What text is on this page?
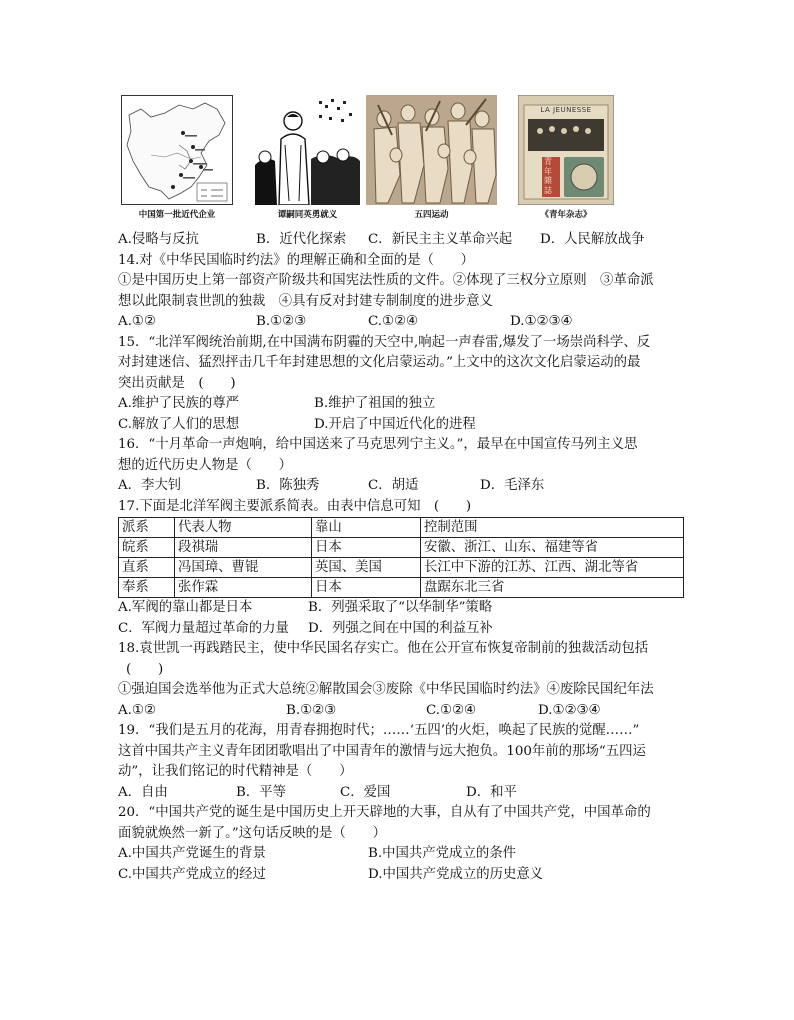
中国第一批近代企业	谭嗣同英勇就义	五四运动
LA JEUNESSE
青年雜誌
《青年杂志》
A.侵略与反抗	B．近代化探索	C．新民主主义革命兴起	D．人民解放战争
14.对《中华民国临时约法》的理解正确和全面的是（　　）
①是中国历史上第一部资产阶级共和国宪法性质的文件。②体现了三权分立原则　③革命派
想以此限制袁世凯的独裁　④具有反对封建专制制度的进步意义
A.①②	B.①②③	C.①②④	D.①②③④
15．“北洋军阀统治前期,在中国满布阴霾的天空中,响起一声春雷,爆发了一场崇尚科学、反
对封建迷信、猛烈抨击几千年封建思想的文化启蒙运动。”上文中的这次文化启蒙运动的最
突出贡献是　(　　)
A.维护了民族的尊严	B.维护了祖国的独立
C.解放了人们的思想	D.开启了中国近代化的进程
16．“十月革命一声炮响，给中国送来了马克思列宁主义。”，最早在中国宣传马列主义思
想的近代历史人物是（　　）
A．李大钊	B．陈独秀	C．胡适	D．毛泽东
17.下面是北洋军阀主要派系简表。由表中信息可知　(　　)
派系	代表人物	靠山	控制范围
皖系	段祺瑞	日本	安徽、浙江、山东、福建等省
直系	冯国璋、曹锟	英国、美国	长江中下游的江苏、江西、湖北等省
奉系	张作霖	日本	盘踞东北三省
A.军阀的靠山都是日本	B．列强采取了“以华制华”策略
C．军阀力量超过革命的力量	D．列强之间在中国的利益互补
18.袁世凯一再践踏民主，使中华民国名存实亡。他在公开宣布恢复帝制前的独裁活动包括
(　　)
①强迫国会选举他为正式大总统②解散国会③废除《中华民国临时约法》④废除民国纪年法
A.①②	B.①②③	C.①②④	D.①②③④
19．“我们是五月的花海，用青春拥抱时代；……‘五四’的火炬，唤起了民族的觉醒……”
这首中国共产主义青年团团歌唱出了中国青年的激情与远大抱负。100年前的那场“五四运
动”，让我们铭记的时代精神是（　　）
A．自由	B．平等	C．爱国	D．和平
20．“中国共产党的诞生是中国历史上开天辟地的大事，自从有了中国共产党，中国革命的
面貌就焕然一新了。”这句话反映的是（　　）
A.中国共产党诞生的背景	B.中国共产党成立的条件
C.中国共产党成立的经过	D.中国共产党成立的历史意义
